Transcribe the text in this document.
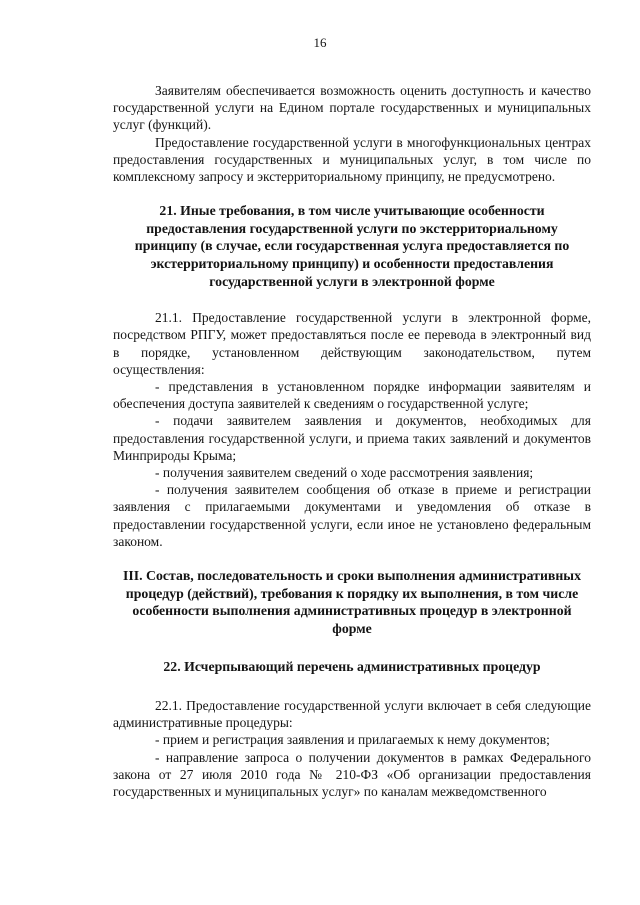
16

Заявителям обеспечивается возможность оценить доступность и качество государственной услуги на Едином портале государственных и муниципальных услуг (функций).

Предоставление государственной услуги в многофункциональных центрах предоставления государственных и муниципальных услуг, в том числе по комплексному запросу и экстерриториальному принципу, не предусмотрено.

21. Иные требования, в том числе учитывающие особенности предоставления государственной услуги по экстерриториальному принципу (в случае, если государственная услуга предоставляется по экстерриториальному принципу) и особенности предоставления государственной услуги в электронной форме

21.1. Предоставление государственной услуги в электронной форме, посредством РПГУ, может предоставляться после ее перевода в электронный вид в порядке, установленном действующим законодательством, путем осуществления:

- представления в установленном порядке информации заявителям и обеспечения доступа заявителей к сведениям о государственной услуге;

- подачи заявителем заявления и документов, необходимых для предоставления государственной услуги, и приема таких заявлений и документов Минприроды Крыма;

- получения заявителем сведений о ходе рассмотрения заявления;

- получения заявителем сообщения об отказе в приеме и регистрации заявления с прилагаемыми документами и уведомления об отказе в предоставлении государственной услуги, если иное не установлено федеральным законом.

III. Состав, последовательность и сроки выполнения административных процедур (действий), требования к порядку их выполнения, в том числе особенности выполнения административных процедур в электронной форме

22. Исчерпывающий перечень административных процедур

22.1. Предоставление государственной услуги включает в себя следующие административные процедуры:

- прием и регистрация заявления и прилагаемых к нему документов;

- направление запроса о получении документов в рамках Федерального закона от 27 июля 2010 года № 210-ФЗ «Об организации предоставления государственных и муниципальных услуг» по каналам межведомственного
